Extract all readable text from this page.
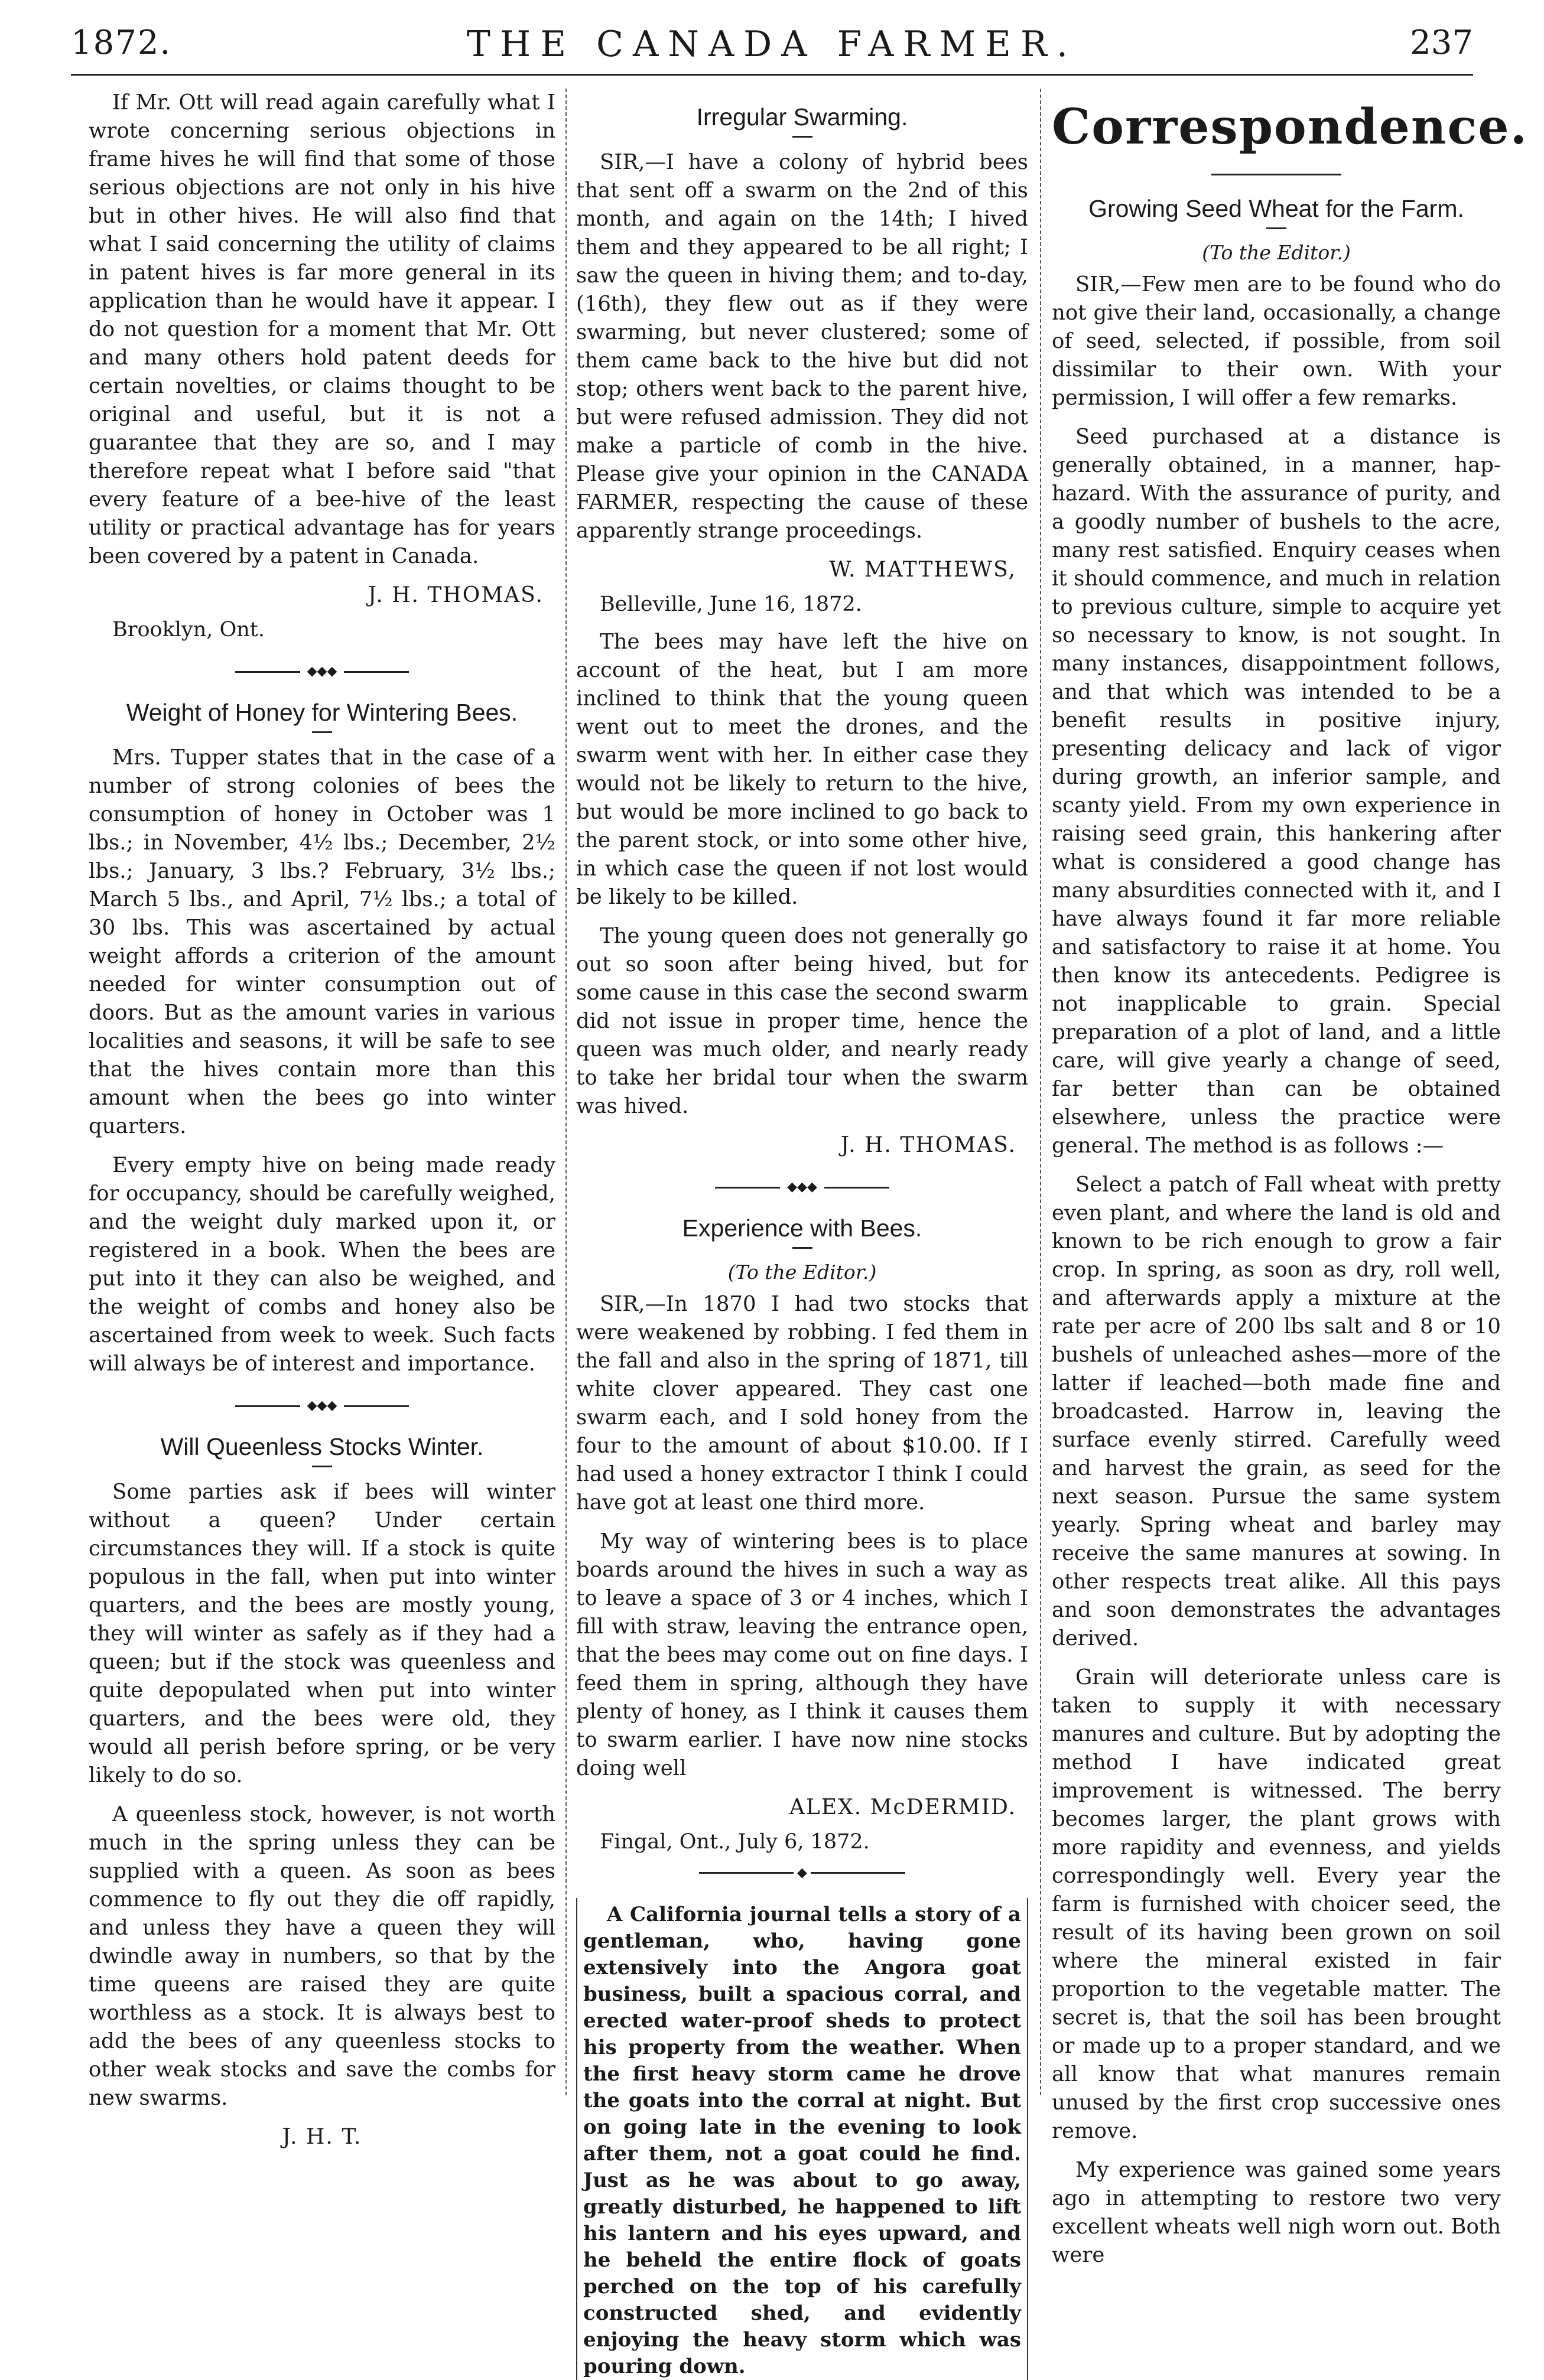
1872.	THE CANADA FARMER.	237

If Mr. Ott will read again carefully what I wrote concerning serious objections in frame hives he will find that some of those serious objections are not only in his hive but in other hives. He will also find that what I said concerning the utility of claims in patent hives is far more general in its application than he would have it appear. I do not question for a moment that Mr. Ott and many others hold patent deeds for certain novelties, or claims thought to be original and useful, but it is not a guarantee that they are so, and I may therefore repeat what I before said "that every feature of a bee-hive of the least utility or practical advantage has for years been covered by a patent in Canada.

J. H. THOMAS.
Brooklyn, Ont.
◆◆◆
Weight of Honey for Wintering Bees.

Mrs. Tupper states that in the case of a number of strong colonies of bees the consumption of honey in October was 1 lbs.; in November, 4½ lbs.; December, 2½ lbs.; January, 3 lbs.? February, 3½ lbs.; March 5 lbs., and April, 7½ lbs.; a total of 30 lbs. This was ascertained by actual weight affords a criterion of the amount needed for winter consumption out of doors. But as the amount varies in various localities and seasons, it will be safe to see that the hives contain more than this amount when the bees go into winter quarters.

Every empty hive on being made ready for occupancy, should be carefully weighed, and the weight duly marked upon it, or registered in a book. When the bees are put into it they can also be weighed, and the weight of combs and honey also be ascertained from week to week. Such facts will always be of interest and importance.

◆◆◆
Will Queenless Stocks Winter.

Some parties ask if bees will winter without a queen? Under certain circumstances they will. If a stock is quite populous in the fall, when put into winter quarters, and the bees are mostly young, they will winter as safely as if they had a queen; but if the stock was queenless and quite depopulated when put into winter quarters, and the bees were old, they would all perish before spring, or be very likely to do so.

A queenless stock, however, is not worth much in the spring unless they can be supplied with a queen. As soon as bees commence to fly out they die off rapidly, and unless they have a queen they will dwindle away in numbers, so that by the time queens are raised they are quite worthless as a stock. It is always best to add the bees of any queenless stocks to other weak stocks and save the combs for new swarms.

J. H. T.
Irregular Swarming.

SIR,—I have a colony of hybrid bees that sent off a swarm on the 2nd of this month, and again on the 14th; I hived them and they appeared to be all right; I saw the queen in hiving them; and to-day, (16th), they flew out as if they were swarming, but never clustered; some of them came back to the hive but did not stop; others went back to the parent hive, but were refused admission. They did not make a particle of comb in the hive. Please give your opinion in the CANADA FARMER, respecting the cause of these apparently strange proceedings.

W. MATTHEWS,
Belleville, June 16, 1872.

The bees may have left the hive on account of the heat, but I am more inclined to think that the young queen went out to meet the drones, and the swarm went with her. In either case they would not be likely to return to the hive, but would be more inclined to go back to the parent stock, or into some other hive, in which case the queen if not lost would be likely to be killed.

The young queen does not generally go out so soon after being hived, but for some cause in this case the second swarm did not issue in proper time, hence the queen was much older, and nearly ready to take her bridal tour when the swarm was hived.

J. H. THOMAS.
◆◆◆
Experience with Bees.
(To the Editor.)

SIR,—In 1870 I had two stocks that were weakened by robbing. I fed them in the fall and also in the spring of 1871, till white clover appeared. They cast one swarm each, and I sold honey from the four to the amount of about $10.00. If I had used a honey extractor I think I could have got at least one third more.

My way of wintering bees is to place boards around the hives in such a way as to leave a space of 3 or 4 inches, which I fill with straw, leaving the entrance open, that the bees may come out on fine days. I feed them in spring, although they have plenty of honey, as I think it causes them to swarm earlier. I have now nine stocks doing well

ALEX. McDERMID.
Fingal, Ont., July 6, 1872.
◆

A California journal tells a story of a gentleman, who, having gone extensively into the Angora goat business, built a spacious corral, and erected water-proof sheds to protect his property from the weather. When the first heavy storm came he drove the goats into the corral at night. But on going late in the evening to look after them, not a goat could he find. Just as he was about to go away, greatly disturbed, he happened to lift his lantern and his eyes upward, and he beheld the entire flock of goats perched on the top of his carefully constructed shed, and evidently enjoying the heavy storm which was pouring down.

Correspondence.
Growing Seed Wheat for the Farm.
(To the Editor.)

SIR,—Few men are to be found who do not give their land, occasionally, a change of seed, selected, if possible, from soil dissimilar to their own. With your permission, I will offer a few remarks.

Seed purchased at a distance is generally obtained, in a manner, hap-hazard. With the assurance of purity, and a goodly number of bushels to the acre, many rest satisfied. Enquiry ceases when it should commence, and much in relation to previous culture, simple to acquire yet so necessary to know, is not sought. In many instances, disappointment follows, and that which was intended to be a benefit results in positive injury, presenting delicacy and lack of vigor during growth, an inferior sample, and scanty yield. From my own experience in raising seed grain, this hankering after what is considered a good change has many absurdities connected with it, and I have always found it far more reliable and satisfactory to raise it at home. You then know its antecedents. Pedigree is not inapplicable to grain. Special preparation of a plot of land, and a little care, will give yearly a change of seed, far better than can be obtained elsewhere, unless the practice were general. The method is as follows :—

Select a patch of Fall wheat with pretty even plant, and where the land is old and known to be rich enough to grow a fair crop. In spring, as soon as dry, roll well, and afterwards apply a mixture at the rate per acre of 200 lbs salt and 8 or 10 bushels of unleached ashes—more of the latter if leached—both made fine and broadcasted. Harrow in, leaving the surface evenly stirred. Carefully weed and harvest the grain, as seed for the next season. Pursue the same system yearly. Spring wheat and barley may receive the same manures at sowing. In other respects treat alike. All this pays and soon demonstrates the advantages derived.

Grain will deteriorate unless care is taken to supply it with necessary manures and culture. But by adopting the method I have indicated great improvement is witnessed. The berry becomes larger, the plant grows with more rapidity and evenness, and yields correspondingly well. Every year the farm is furnished with choicer seed, the result of its having been grown on soil where the mineral existed in fair proportion to the vegetable matter. The secret is, that the soil has been brought or made up to a proper standard, and we all know that what manures remain unused by the first crop successive ones remove.

My experience was gained some years ago in attempting to restore two very excellent wheats well nigh worn out. Both were
